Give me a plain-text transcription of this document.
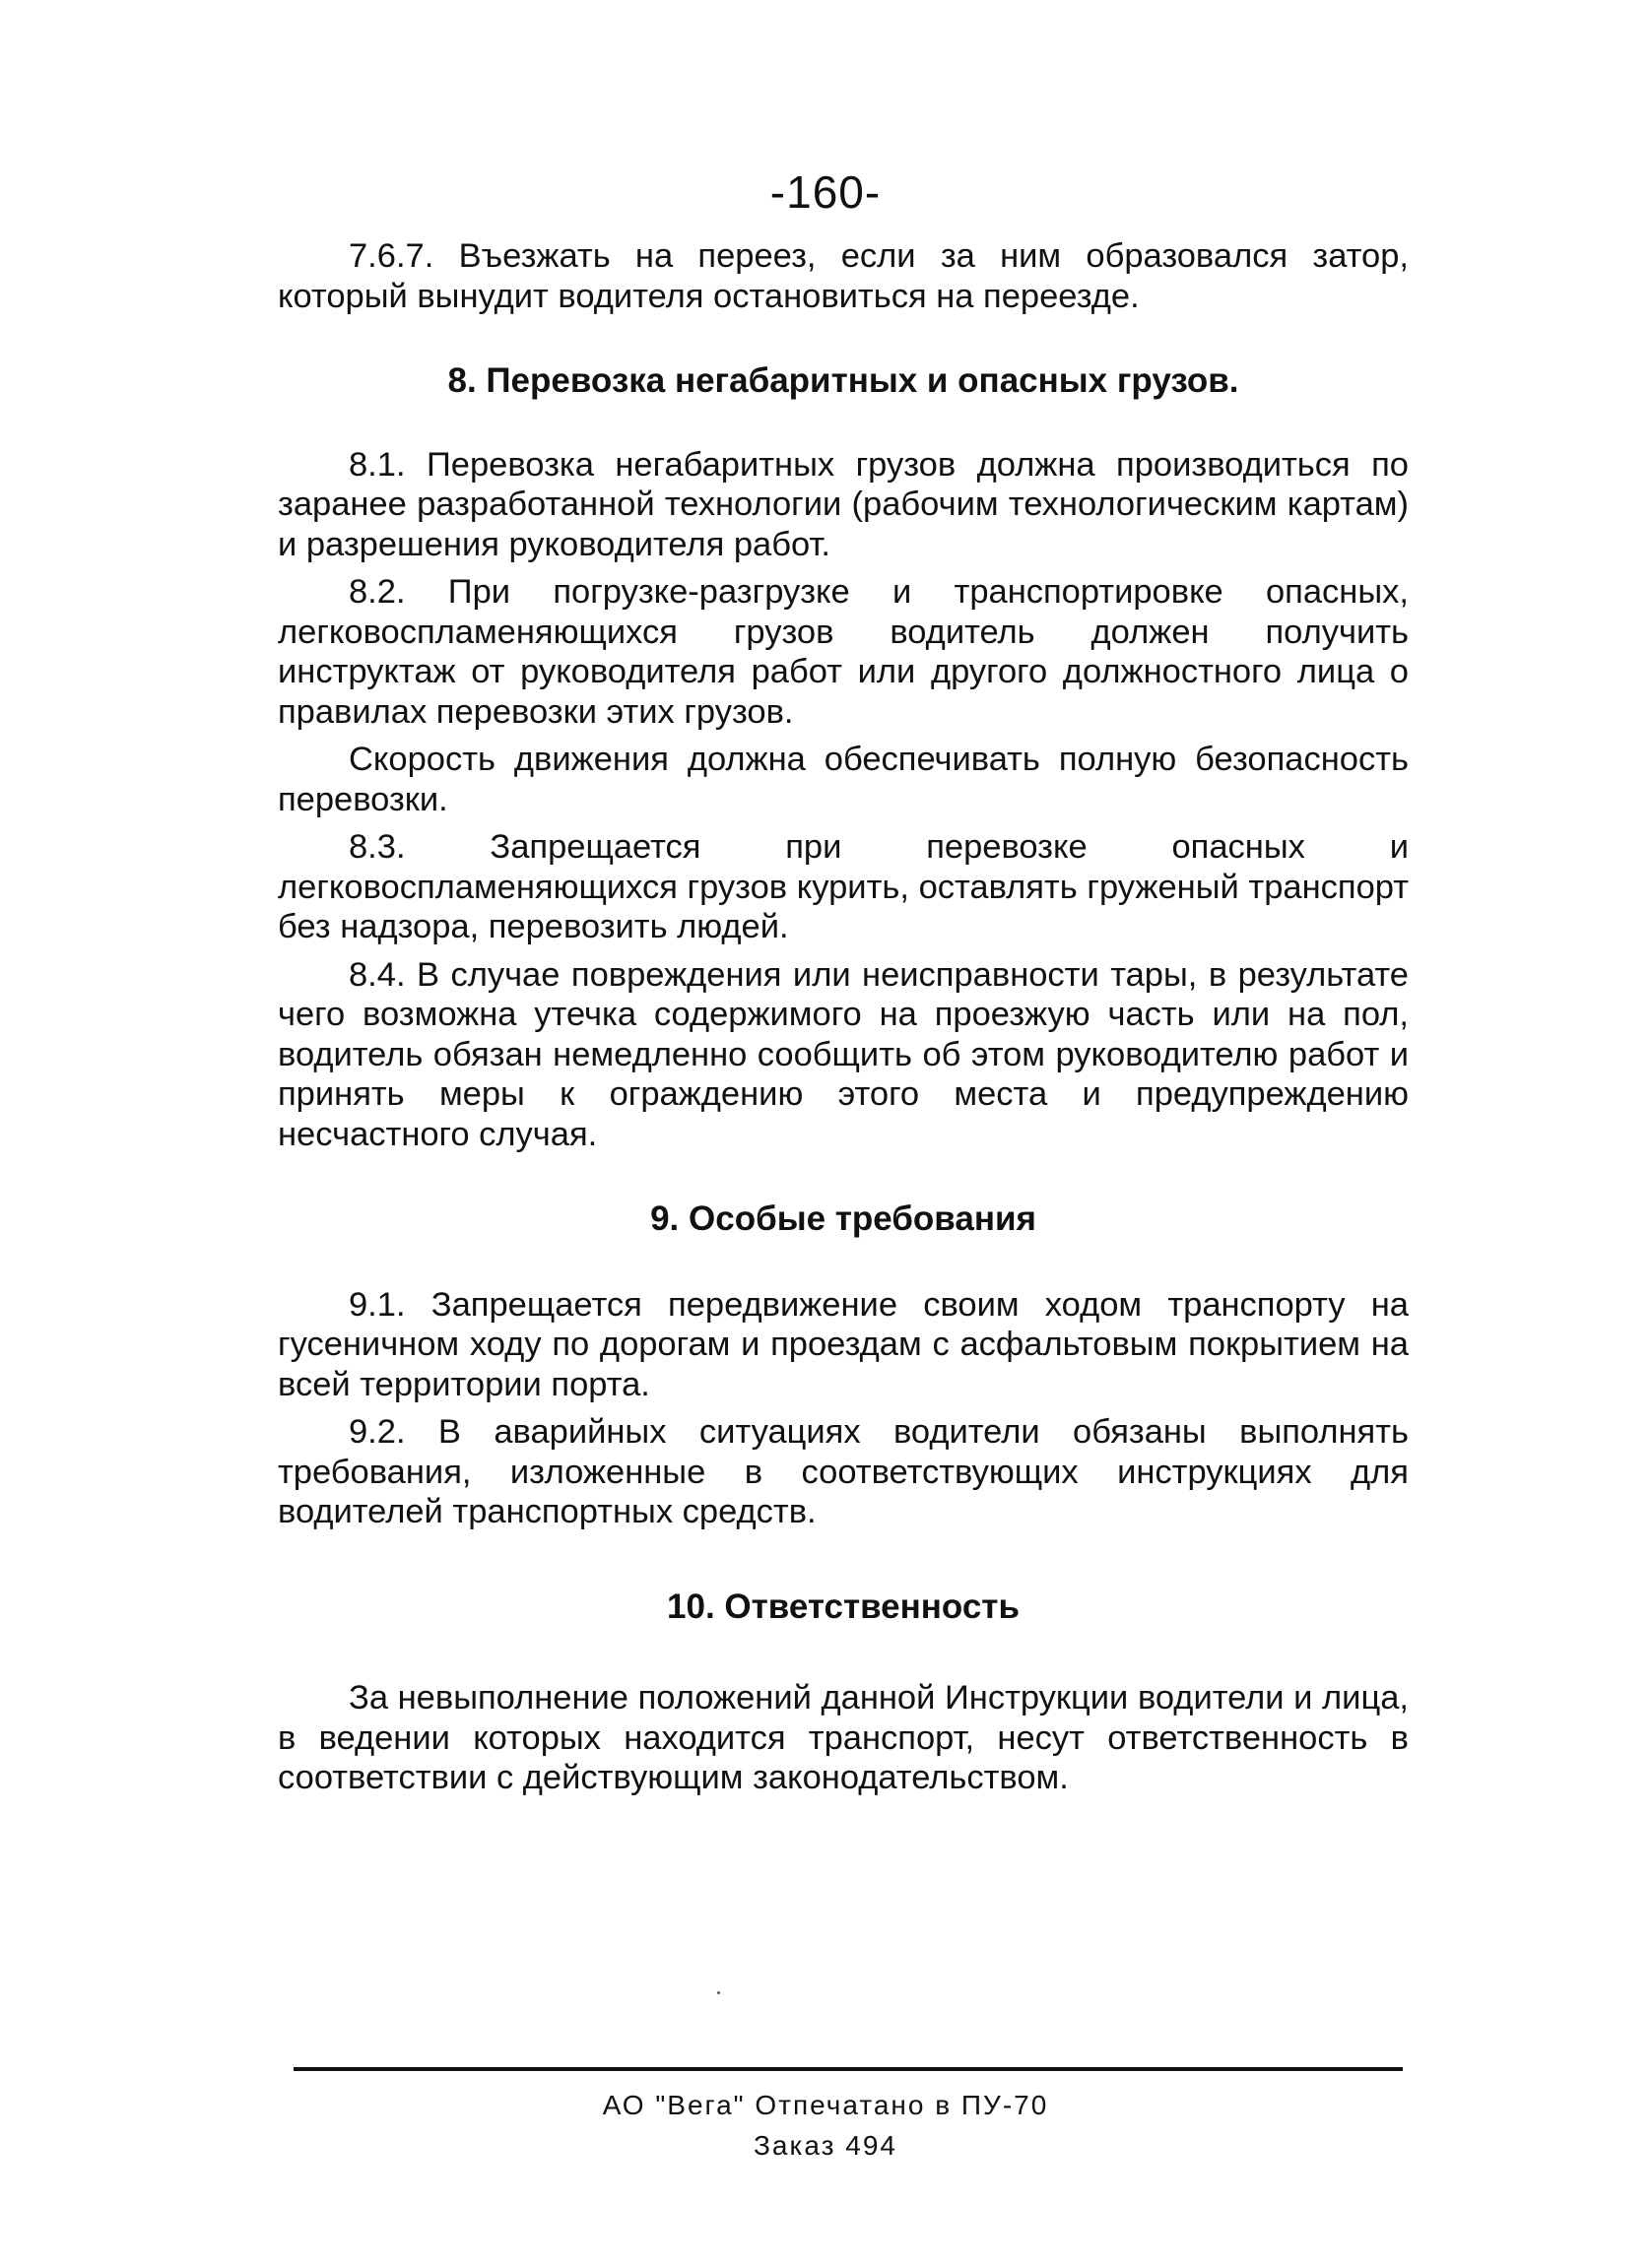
-160-

7.6.7. Въезжать на переез, если за ним образовался затор, который вынудит водителя остановиться на переезде.

8. Перевозка негабаритных и опасных грузов.

8.1. Перевозка негабаритных грузов должна производиться по заранее разработанной технологии (рабочим технологическим картам) и разрешения руководителя работ.

8.2. При погрузке-разгрузке и транспортировке опасных, легковоспламеняющихся грузов водитель должен получить инструктаж от руководителя работ или другого должностного лица о правилах перевозки этих грузов.

Скорость движения должна обеспечивать полную безопасность перевозки.

8.3. Запрещается при перевозке опасных и легковоспламеняющихся грузов курить, оставлять груженый транспорт без надзора, перевозить людей.

8.4. В случае повреждения или неисправности тары, в результате чего возможна утечка содержимого на проезжую часть или на пол, водитель обязан немедленно сообщить об этом руководителю работ и принять меры к ограждению этого места и предупреждению несчастного случая.

9. Особые требования

9.1. Запрещается передвижение своим ходом транспорту на гусеничном ходу по дорогам и проездам с асфальтовым покрытием на всей территории порта.

9.2. В аварийных ситуациях водители обязаны выполнять требования, изложенные в соответствующих инструкциях для водителей транспортных средств.

10. Ответственность

За невыполнение положений данной Инструкции водители и лица, в ведении которых находится транспорт, несут ответственность в соответствии с действующим законодательством.

АО "Вега" Отпечатано в ПУ-70
Заказ 494
